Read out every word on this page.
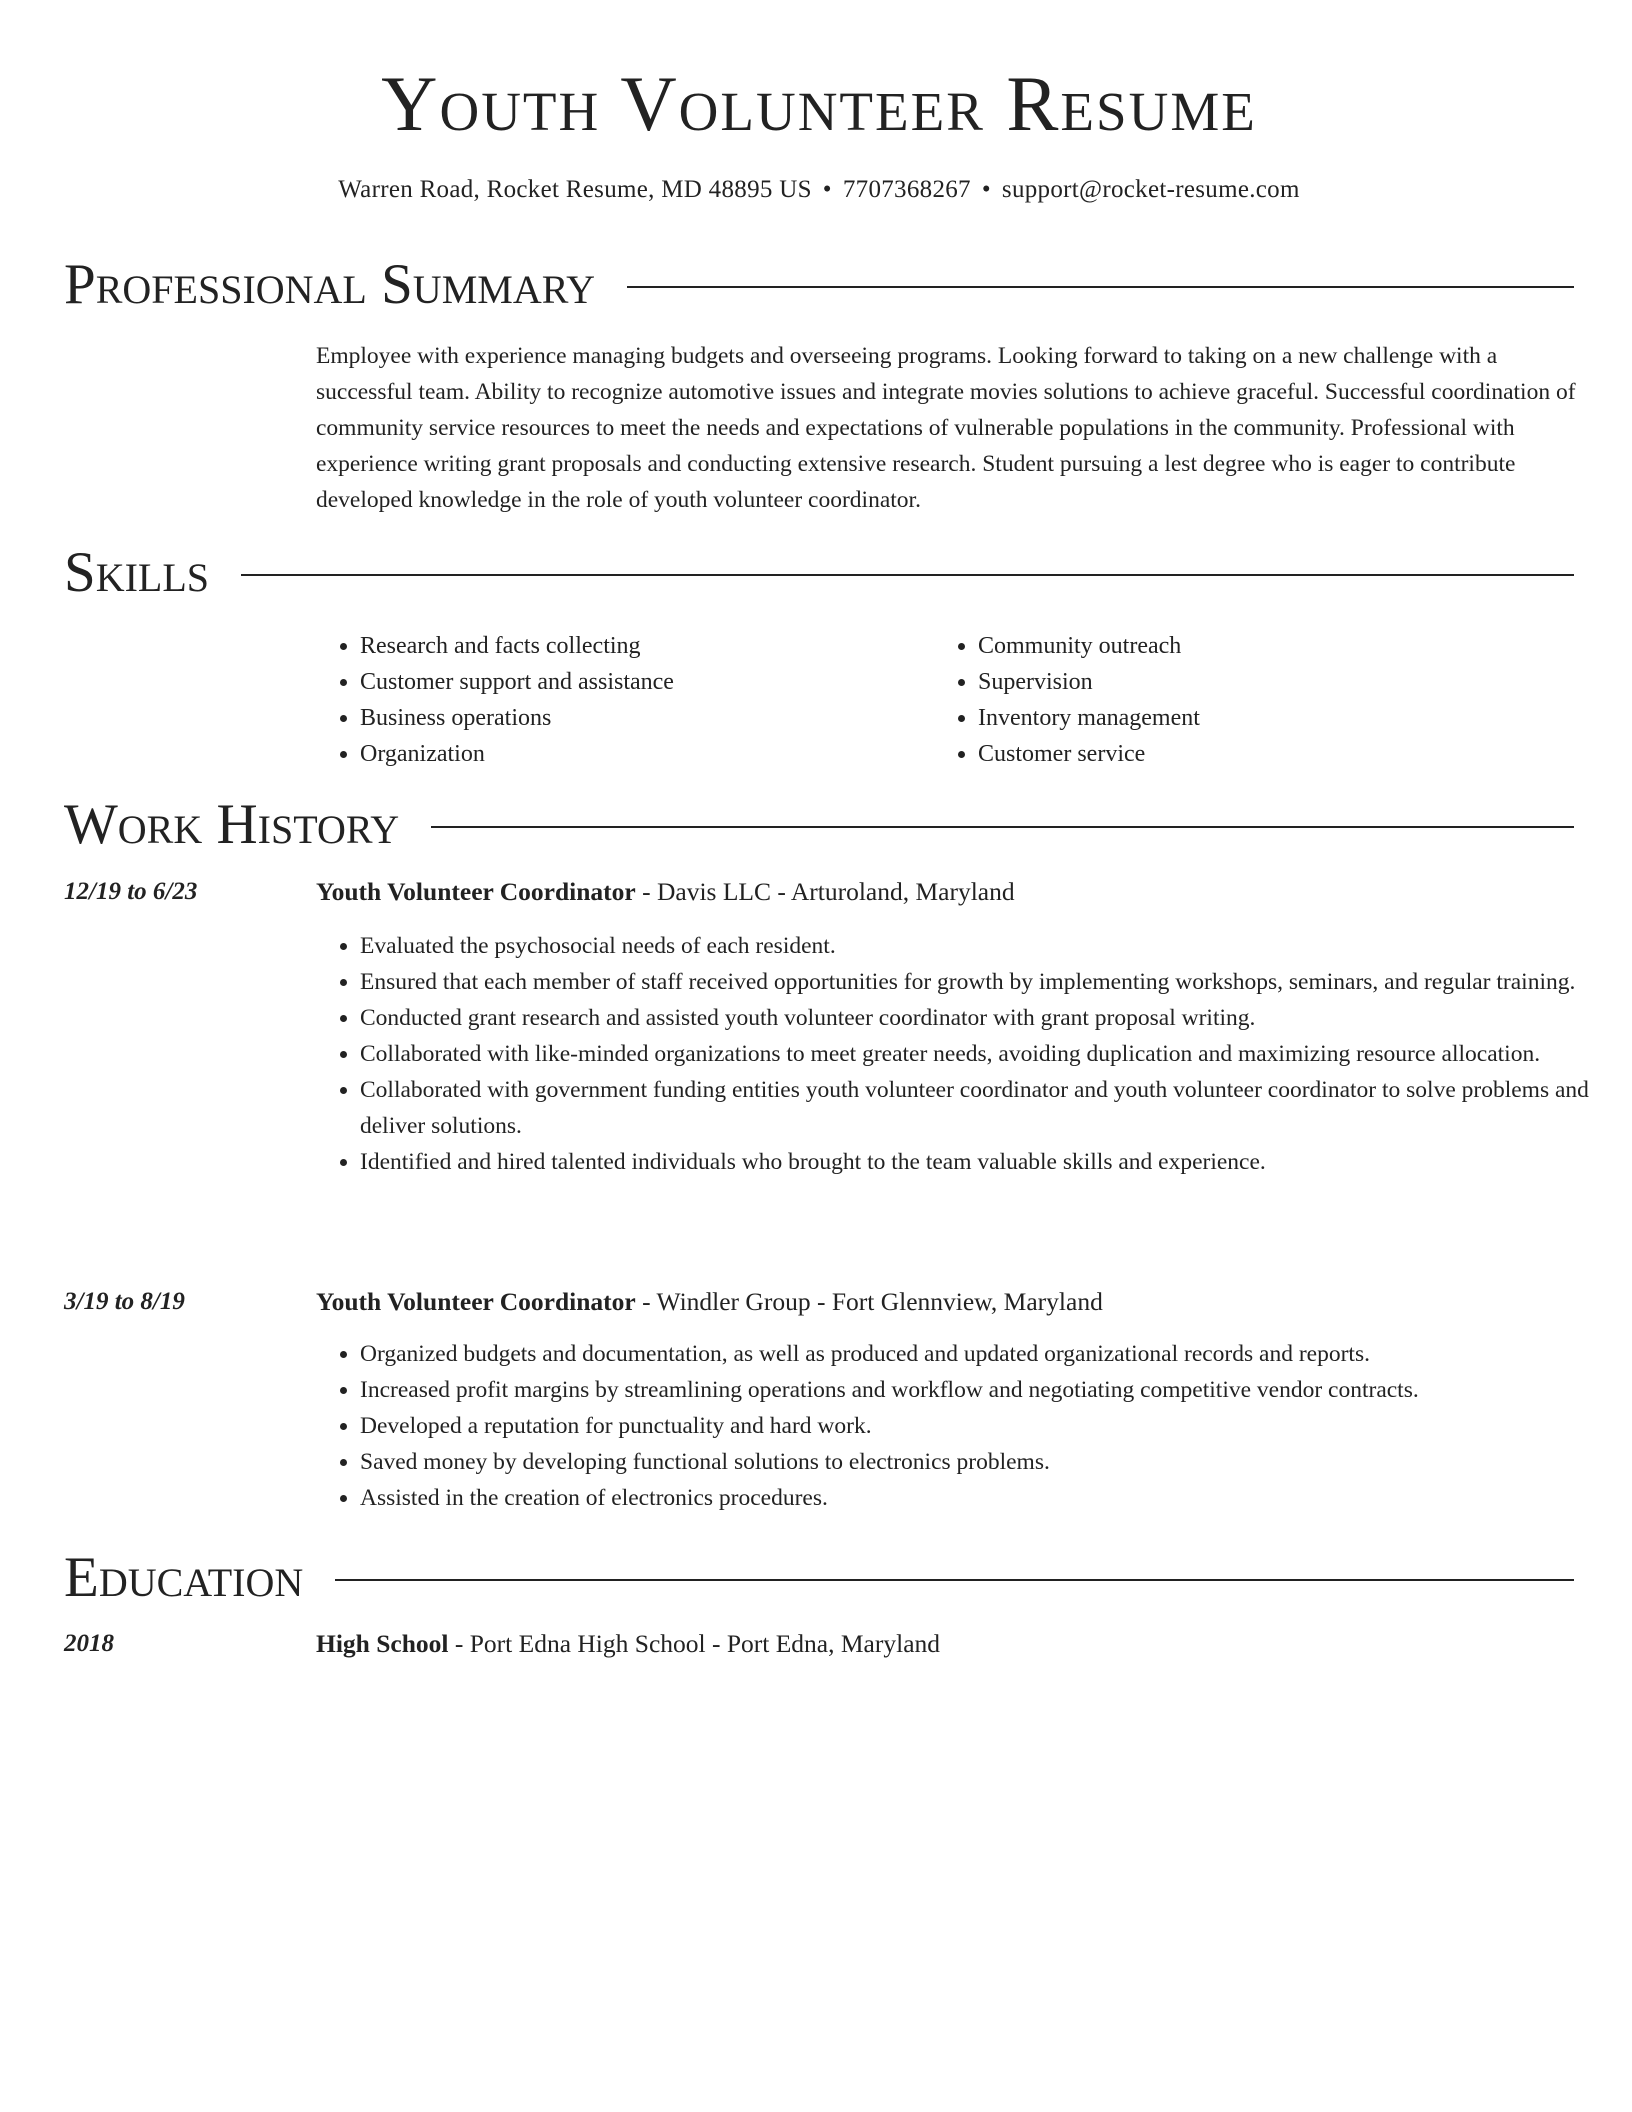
Youth Volunteer Resume
Warren Road, Rocket Resume, MD 48895 US • 7707368267 • support@rocket-resume.com
Professional Summary

Employee with experience managing budgets and overseeing programs. Looking forward to taking on a new challenge with a successful team. Ability to recognize automotive issues and integrate movies solutions to achieve graceful. Successful coordination of community service resources to meet the needs and expectations of vulnerable populations in the community. Professional with experience writing grant proposals and conducting extensive research. Student pursuing a lest degree who is eager to contribute developed knowledge in the role of youth volunteer coordinator.

Skills
• Research and facts collecting
• Customer support and assistance
• Business operations
• Organization
• Community outreach
• Supervision
• Inventory management
• Customer service
Work History
12/19 to 6/23	Youth Volunteer Coordinator - Davis LLC - Arturoland, Maryland
• Evaluated the psychosocial needs of each resident.
• Ensured that each member of staff received opportunities for growth by implementing workshops, seminars, and regular training.
• Conducted grant research and assisted youth volunteer coordinator with grant proposal writing.
• Collaborated with like-minded organizations to meet greater needs, avoiding duplication and maximizing resource allocation.
• Collaborated with government funding entities youth volunteer coordinator and youth volunteer coordinator to solve problems and deliver solutions.
• Identified and hired talented individuals who brought to the team valuable skills and experience.
3/19 to 8/19	Youth Volunteer Coordinator - Windler Group - Fort Glennview, Maryland
• Organized budgets and documentation, as well as produced and updated organizational records and reports.
• Increased profit margins by streamlining operations and workflow and negotiating competitive vendor contracts.
• Developed a reputation for punctuality and hard work.
• Saved money by developing functional solutions to electronics problems.
• Assisted in the creation of electronics procedures.
Education
2018	High School - Port Edna High School - Port Edna, Maryland
